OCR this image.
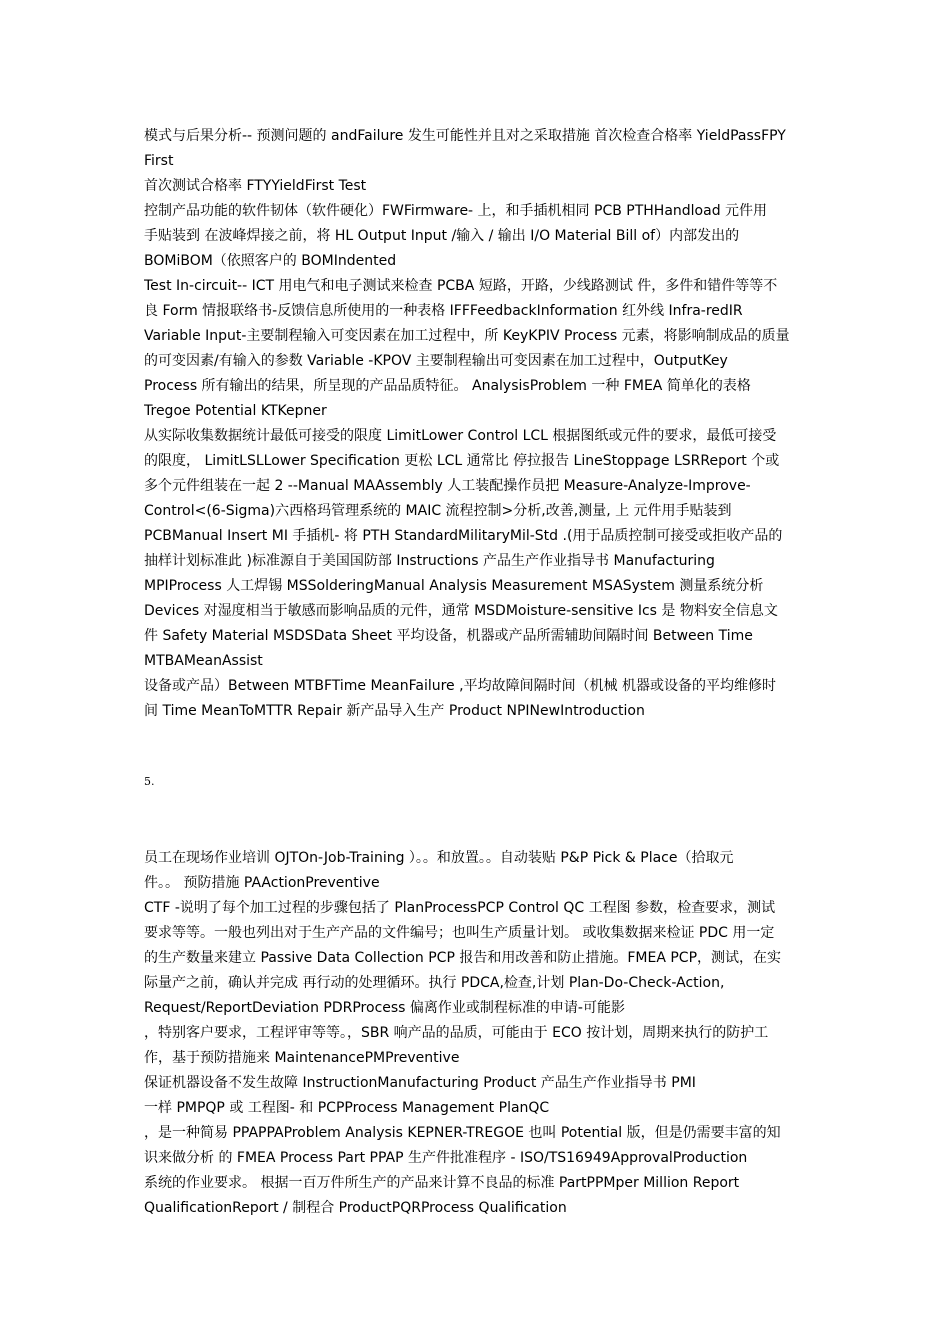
模式与后果分析-- 预测问题的 andFailure 发生可能性并且对之采取措施 首次检查合格率 YieldPassFPY
First
首次测试合格率 FTYYieldFirst Test
控制产品功能的软件韧体（软件硬化）FWFirmware- 上，和手插机相同 PCB PTHHandload 元件用
手贴装到 在波峰焊接之前，将 HL Output Input /输入 / 输出 I/O Material Bill of）内部发出的
BOMiBOM（依照客户的 BOMIndented
Test In-circuit-- ICT 用电气和电子测试来检查 PCBA 短路，开路，少线路测试 件，多件和错件等等不
良 Form 情报联络书-反馈信息所使用的一种表格 IFFFeedbackInformation 红外线 Infra-redIR
Variable Input-主要制程输入可变因素在加工过程中，所 KeyKPIV Process 元素，将影响制成品的质量
的可变因素/有输入的参数 Variable -KPOV 主要制程输出可变因素在加工过程中，OutputKey
Process 所有输出的结果，所呈现的产品品质特征。 AnalysisProblem 一种 FMEA 简单化的表格
Tregoe Potential KTKepner
从实际收集数据统计最低可接受的限度 LimitLower Control LCL 根据图纸或元件的要求，最低可接受
的限度， LimitLSLLower Specification 更松 LCL 通常比 停拉报告 LineStoppage LSRReport 个或
多个元件组装在一起 2 --Manual MAAssembly 人工装配操作员把 Measure-Analyze-Improve-
Control<(6-Sigma)六西格玛管理系统的 MAIC 流程控制>分析,改善,测量, 上 元件用手贴装到
PCBManual Insert MI 手插机- 将 PTH StandardMilitaryMil-Std .(用于品质控制可接受或拒收产品的
抽样计划标准此 )标准源自于美国国防部 Instructions 产品生产作业指导书 Manufacturing
MPIProcess 人工焊锡 MSSolderingManual Analysis Measurement MSASystem 测量系统分析
Devices 对湿度相当于敏感而影响品质的元件，通常 MSDMoisture-sensitive Ics 是 物料安全信息文
件 Safety Material MSDSData Sheet 平均设备，机器或产品所需辅助间隔时间 Between Time
MTBAMeanAssist
设备或产品）Between MTBFTime MeanFailure ,平均故障间隔时间（机械 机器或设备的平均维修时
间 Time MeanToMTTR Repair 新产品导入生产 Product NPINewIntroduction
5.
员工在现场作业培训 OJTOn-Job-Training ）。。和放置。。自动装贴 P&P Pick & Place（拾取元
件。。 预防措施 PAActionPreventive
CTF -说明了每个加工过程的步骤包括了 PlanProcessPCP Control QC 工程图 参数，检查要求，测试
要求等等。一般也列出对于生产产品的文件编号；也叫生产质量计划。 或收集数据来检证 PDC 用一定
的生产数量来建立 Passive Data Collection PCP 报告和用改善和防止措施。FMEA PCP，测试，在实
际量产之前，确认并完成 再行动的处理循环。执行 PDCA,检查,计划 Plan-Do-Check-Action,
Request/ReportDeviation PDRProcess 偏离作业或制程标准的申请-可能影
，特别客户要求，工程评审等等。，SBR 响产品的品质，可能由于 ECO 按计划，周期来执行的防护工
作，基于预防措施来 MaintenancePMPreventive
保证机器设备不发生故障 InstructionManufacturing Product 产品生产作业指导书 PMI
一样 PMPQP 或 工程图- 和 PCPProcess Management PlanQC
，是一种简易 PPAPPAProblem Analysis KEPNER-TREGOE 也叫 Potential 版，但是仍需要丰富的知
识来做分析 的 FMEA Process Part PPAP 生产件批准程序 - ISO/TS16949ApprovalProduction
系统的作业要求。 根据一百万件所生产的产品来计算不良品的标准 PartPPMper Million Report
QualificationReport / 制程合 ProductPQRProcess Qualification
